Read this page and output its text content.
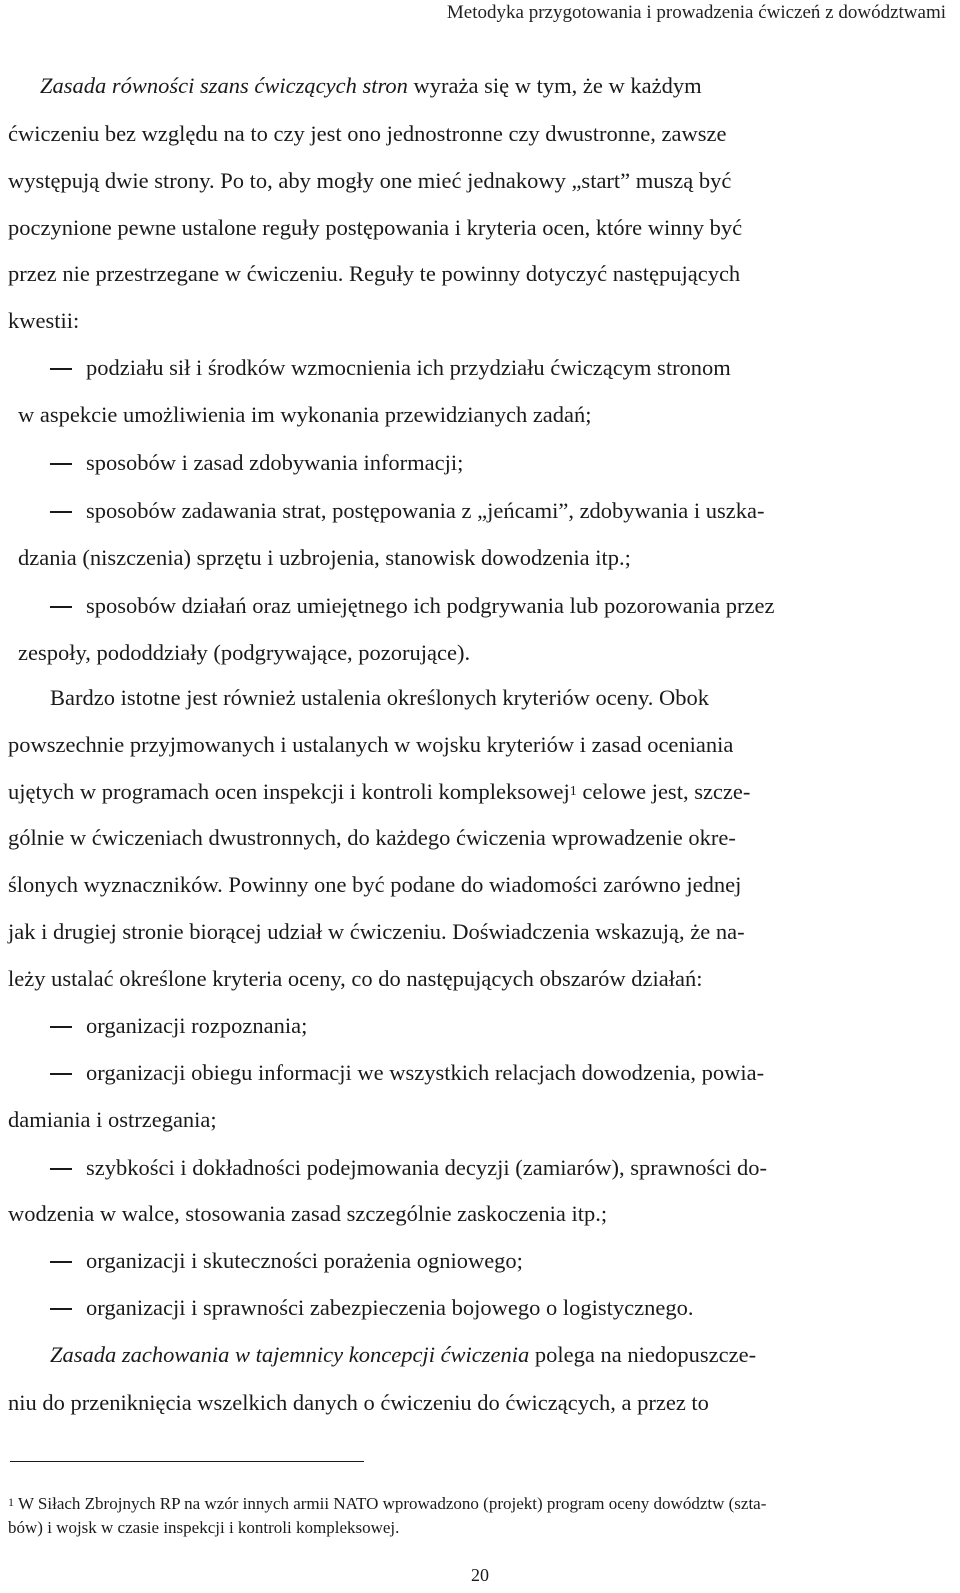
Metodyka przygotowania i prowadzenia ćwiczeń z dowództwami
Zasada równości szans ćwiczących stron wyraża się w tym, że w każdym
ćwiczeniu bez względu na to czy jest ono jednostronne czy dwustronne, zawsze
występują dwie strony. Po to, aby mogły one mieć jednakowy „start” muszą być
poczynione pewne ustalone reguły postępowania i kryteria ocen, które winny być
przez nie przestrzegane w ćwiczeniu. Reguły te powinny dotyczyć następujących
kwestii:
podziału sił i środków wzmocnienia ich przydziału ćwiczącym stronom
w aspekcie umożliwienia im wykonania przewidzianych zadań;
sposobów i zasad zdobywania informacji;
sposobów zadawania strat, postępowania z „jeńcami”, zdobywania i uszka-
dzania (niszczenia) sprzętu i uzbrojenia, stanowisk dowodzenia itp.;
sposobów działań oraz umiejętnego ich podgrywania lub pozorowania przez
zespoły, pododdziały (podgrywające, pozorujące).
Bardzo istotne jest również ustalenia określonych kryteriów oceny. Obok
powszechnie przyjmowanych i ustalanych w wojsku kryteriów i zasad oceniania
ujętych w programach ocen inspekcji i kontroli kompleksowej$^1$ celowe jest, szcze-
gólnie w ćwiczeniach dwustronnych, do każdego ćwiczenia wprowadzenie okre-
ślonych wyznaczników. Powinny one być podane do wiadomości zarówno jednej
jak i drugiej stronie biorącej udział w ćwiczeniu. Doświadczenia wskazują, że na-
leży ustalać określone kryteria oceny, co do następujących obszarów działań:
organizacji rozpoznania;
organizacji obiegu informacji we wszystkich relacjach dowodzenia, powia-
damiania i ostrzegania;
szybkości i dokładności podejmowania decyzji (zamiarów), sprawności do-
wodzenia w walce, stosowania zasad szczególnie zaskoczenia itp.;
organizacji i skuteczności porażenia ogniowego;
organizacji i sprawności zabezpieczenia bojowego o logistycznego.
Zasada zachowania w tajemnicy koncepcji ćwiczenia polega na niedopuszcze-
niu do przeniknięcia wszelkich danych o ćwiczeniu do ćwiczących, a przez to
$^1$ W Siłach Zbrojnych RP na wzór innych armii NATO wprowadzono (projekt) program oceny dowództw (szta-
bów) i wojsk w czasie inspekcji i kontroli kompleksowej.
20
